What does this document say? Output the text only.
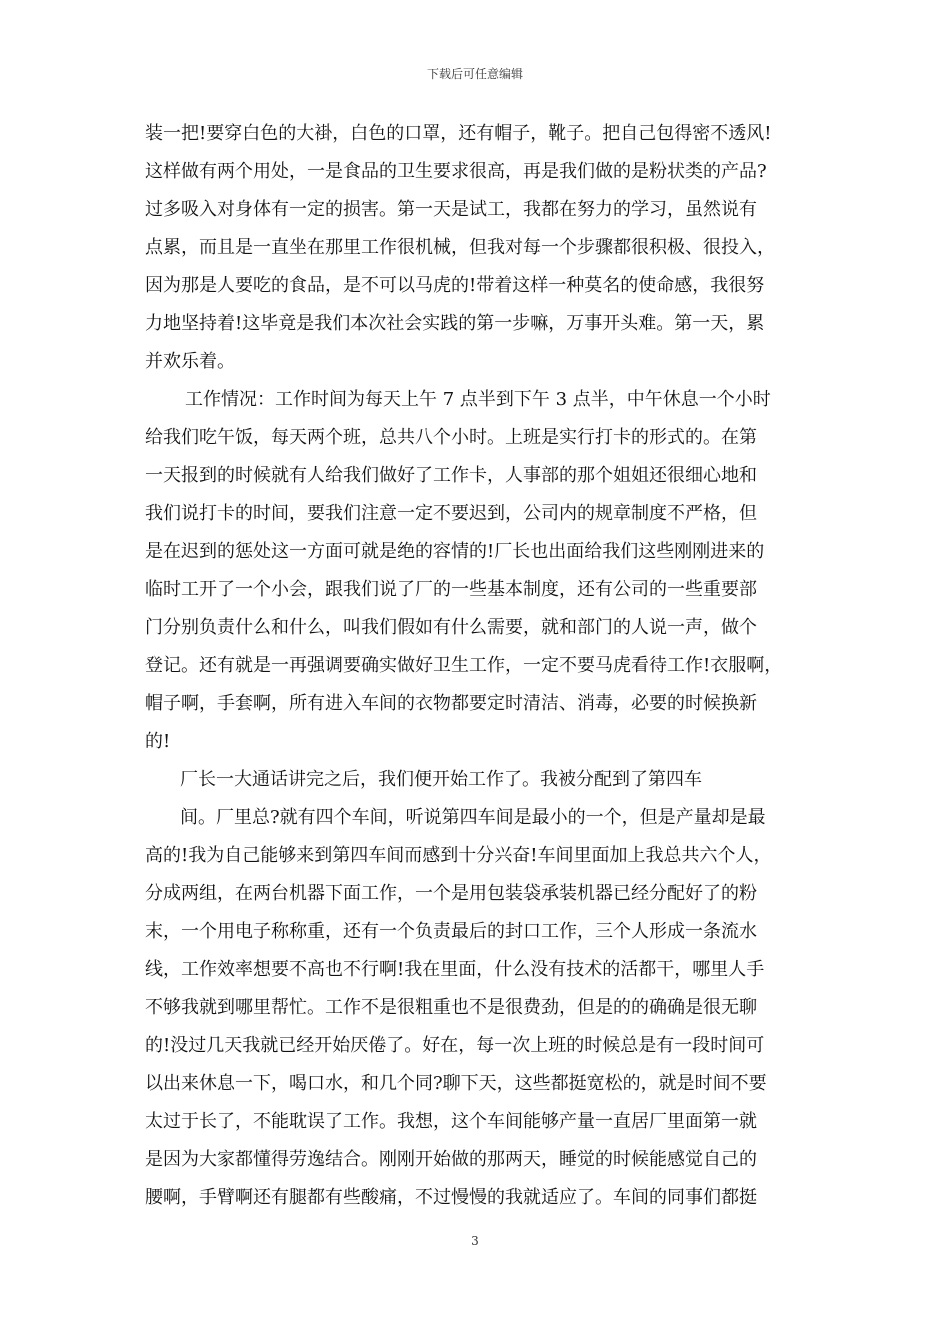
下载后可任意编辑
装一把!要穿白色的大褂，白色的口罩，还有帽子，靴子。把自己包得密不透风!
这样做有两个用处，一是食品的卫生要求很高，再是我们做的是粉状类的产品?
过多吸入对身体有一定的损害。第一天是试工，我都在努力的学习，虽然说有
点累，而且是一直坐在那里工作很机械，但我对每一个步骤都很积极、很投入，
因为那是人要吃的食品，是不可以马虎的!带着这样一种莫名的使命感，我很努
力地坚持着!这毕竟是我们本次社会实践的第一步嘛，万事开头难。第一天，累
并欢乐着。
工作情况：工作时间为每天上午 7 点半到下午 3 点半，中午休息一个小时
给我们吃午饭，每天两个班，总共八个小时。上班是实行打卡的形式的。在第
一天报到的时候就有人给我们做好了工作卡，人事部的那个姐姐还很细心地和
我们说打卡的时间，要我们注意一定不要迟到，公司内的规章制度不严格，但
是在迟到的惩处这一方面可就是绝的容情的!厂长也出面给我们这些刚刚进来的
临时工开了一个小会，跟我们说了厂的一些基本制度，还有公司的一些重要部
门分别负责什么和什么，叫我们假如有什么需要，就和部门的人说一声，做个
登记。还有就是一再强调要确实做好卫生工作，一定不要马虎看待工作!衣服啊，
帽子啊，手套啊，所有进入车间的衣物都要定时清洁、消毒，必要的时候换新
的!
厂长一大通话讲完之后，我们便开始工作了。我被分配到了第四车
间。厂里总?就有四个车间，听说第四车间是最小的一个，但是产量却是最
高的!我为自己能够来到第四车间而感到十分兴奋!车间里面加上我总共六个人，
分成两组，在两台机器下面工作，一个是用包装袋承装机器已经分配好了的粉
末，一个用电子称称重，还有一个负责最后的封口工作，三个人形成一条流水
线，工作效率想要不高也不行啊!我在里面，什么没有技术的活都干，哪里人手
不够我就到哪里帮忙。工作不是很粗重也不是很费劲，但是的的确确是很无聊
的!没过几天我就已经开始厌倦了。好在，每一次上班的时候总是有一段时间可
以出来休息一下，喝口水，和几个同?聊下天，这些都挺宽松的，就是时间不要
太过于长了，不能耽误了工作。我想，这个车间能够产量一直居厂里面第一就
是因为大家都懂得劳逸结合。刚刚开始做的那两天，睡觉的时候能感觉自己的
腰啊，手臂啊还有腿都有些酸痛，不过慢慢的我就适应了。车间的同事们都挺
3
